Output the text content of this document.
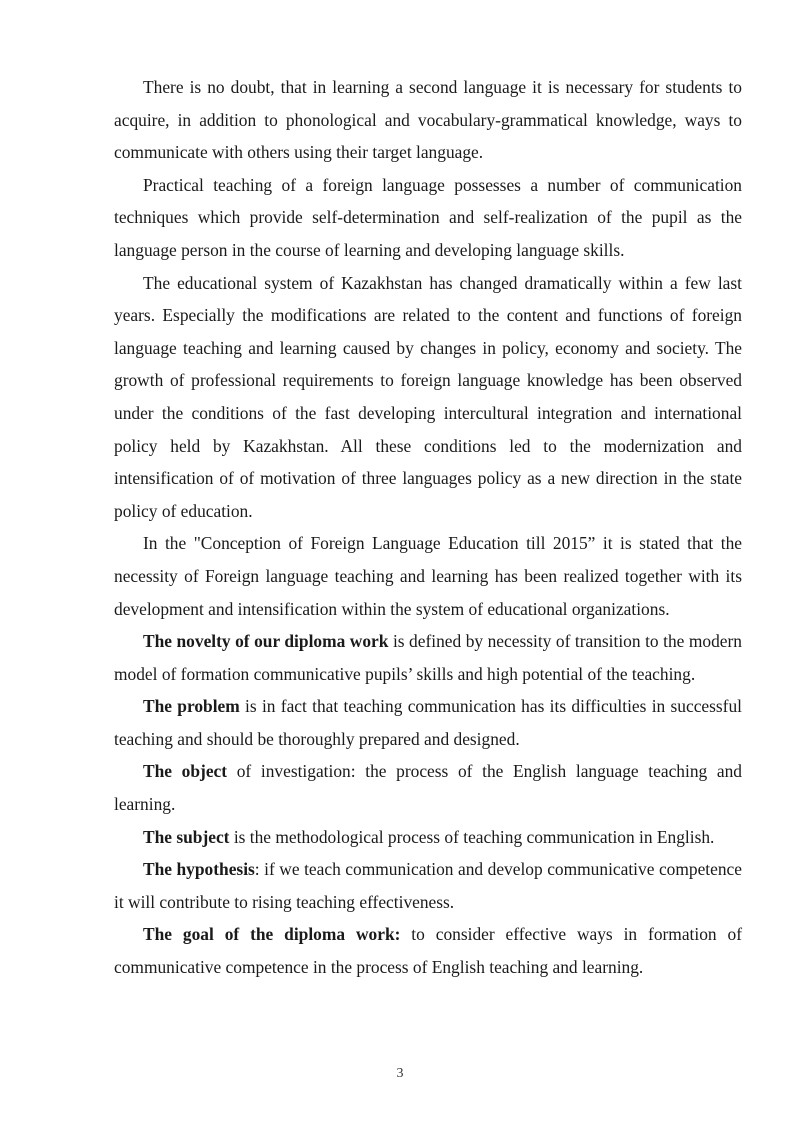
There is no doubt, that in learning a second language it is necessary for students to acquire, in addition to phonological and vocabulary-grammatical knowledge, ways to communicate with others using their target language.

Practical teaching of a foreign language possesses a number of communication techniques which provide self-determination and self-realization of the pupil as the language person in the course of learning and developing language skills.

The educational system of Kazakhstan has changed dramatically within a few last years. Especially the modifications are related to the content and functions of foreign language teaching and learning caused by changes in policy, economy and society. The growth of professional requirements to foreign language knowledge has been observed under the conditions of the fast developing intercultural integration and international policy held by Kazakhstan. All these conditions led to the modernization and intensification of of motivation of three languages policy as a new direction in the state policy of education.

In the "Conception of Foreign Language Education till 2015” it is stated that the necessity of Foreign language teaching and learning has been realized together with its development and intensification within the system of educational organizations.

The novelty of our diploma work is defined by necessity of transition to the modern model of formation communicative pupils’ skills and high potential of the teaching.

The problem is in fact that teaching communication has its difficulties in successful teaching and should be thoroughly prepared and designed.

The object of investigation: the process of the English language teaching and learning.

The subject is the methodological process of teaching communication in English.

The hypothesis: if we teach communication and develop communicative competence it will contribute to rising teaching effectiveness.

The goal of the diploma work: to consider effective ways in formation of communicative competence in the process of English teaching and learning.

3
